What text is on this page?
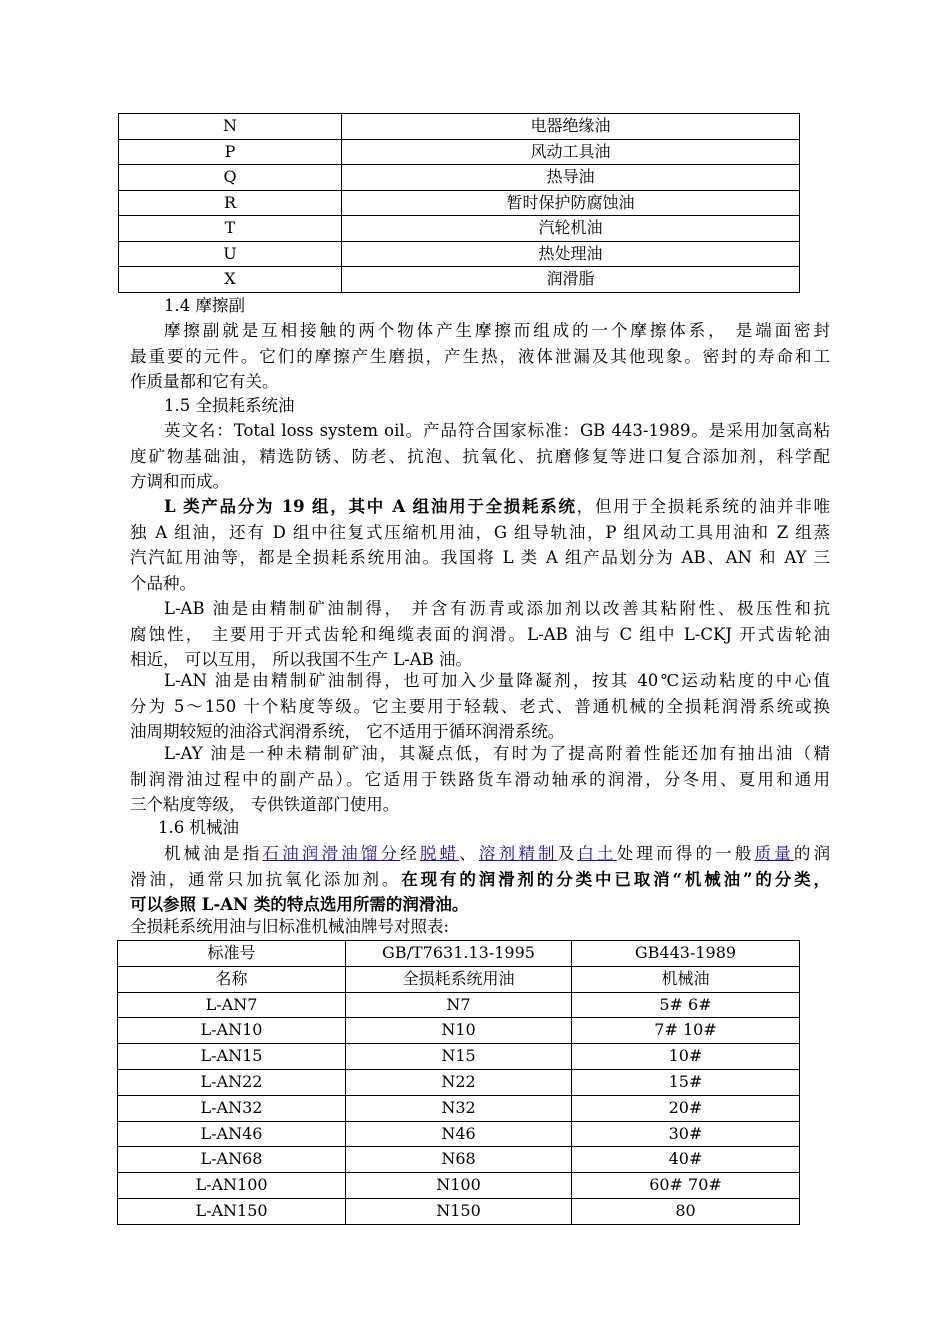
N	电器绝缘油
P	风动工具油
Q	热导油
R	暂时保护防腐蚀油
T	汽轮机油
U	热处理油
X	润滑脂
1.4 摩擦副
摩擦副就是互相接触的两个物体产生摩擦而组成的一个摩擦体系， 是端面密封
最重要的元件。它们的摩擦产生磨损，产生热，液体泄漏及其他现象。密封的寿命和工
作质量都和它有关。
1.5 全损耗系统油
英文名：Total loss system oil。产品符合国家标准：GB 443-1989。是采用加氢高粘
度矿物基础油，精选防锈、防老、抗泡、抗氧化、抗磨修复等进口复合添加剂，科学配
方调和而成。
L 类产品分为 19 组，其中 A 组油用于全损耗系统，但用于全损耗系统的油并非唯
独 A 组油，还有 D 组中往复式压缩机用油，G 组导轨油，P 组风动工具用油和 Z 组蒸
汽汽缸用油等，都是全损耗系统用油。我国将 L 类 A 组产品划分为 AB、AN 和 AY 三
个品种。
L-AB 油是由精制矿油制得， 并含有沥青或添加剂以改善其粘附性、极压性和抗
腐蚀性， 主要用于开式齿轮和绳缆表面的润滑。L-AB 油与 C 组中 L-CKJ 开式齿轮油
相近， 可以互用， 所以我国不生产 L-AB 油。
L-AN 油是由精制矿油制得，也可加入少量降凝剂，按其 40℃运动粘度的中心值
分为 5～150 十个粘度等级。它主要用于轻载、老式、普通机械的全损耗润滑系统或换
油周期较短的油浴式润滑系统， 它不适用于循环润滑系统。
L-AY 油是一种未精制矿油，其凝点低，有时为了提高附着性能还加有抽出油（精
制润滑油过程中的副产品）。它适用于铁路货车滑动轴承的润滑，分冬用、夏用和通用
三个粘度等级， 专供铁道部门使用。
1.6 机械油
机械油是指石油润滑油馏分经脱蜡、溶剂精制及白土处理而得的一般质量的润
滑油，通常只加抗氧化添加剂。在现有的润滑剂的分类中已取消“机械油”的分类，
可以参照 L-AN 类的特点选用所需的润滑油。
全损耗系统用油与旧标准机械油牌号对照表:
标准号	GB/T7631.13-1995	GB443-1989
名称	全损耗系统用油	机械油
L-AN7	N7	5# 6#
L-AN10	N10	7# 10#
L-AN15	N15	10#
L-AN22	N22	15#
L-AN32	N32	20#
L-AN46	N46	30#
L-AN68	N68	40#
L-AN100	N100	60# 70#
L-AN150	N150	80
